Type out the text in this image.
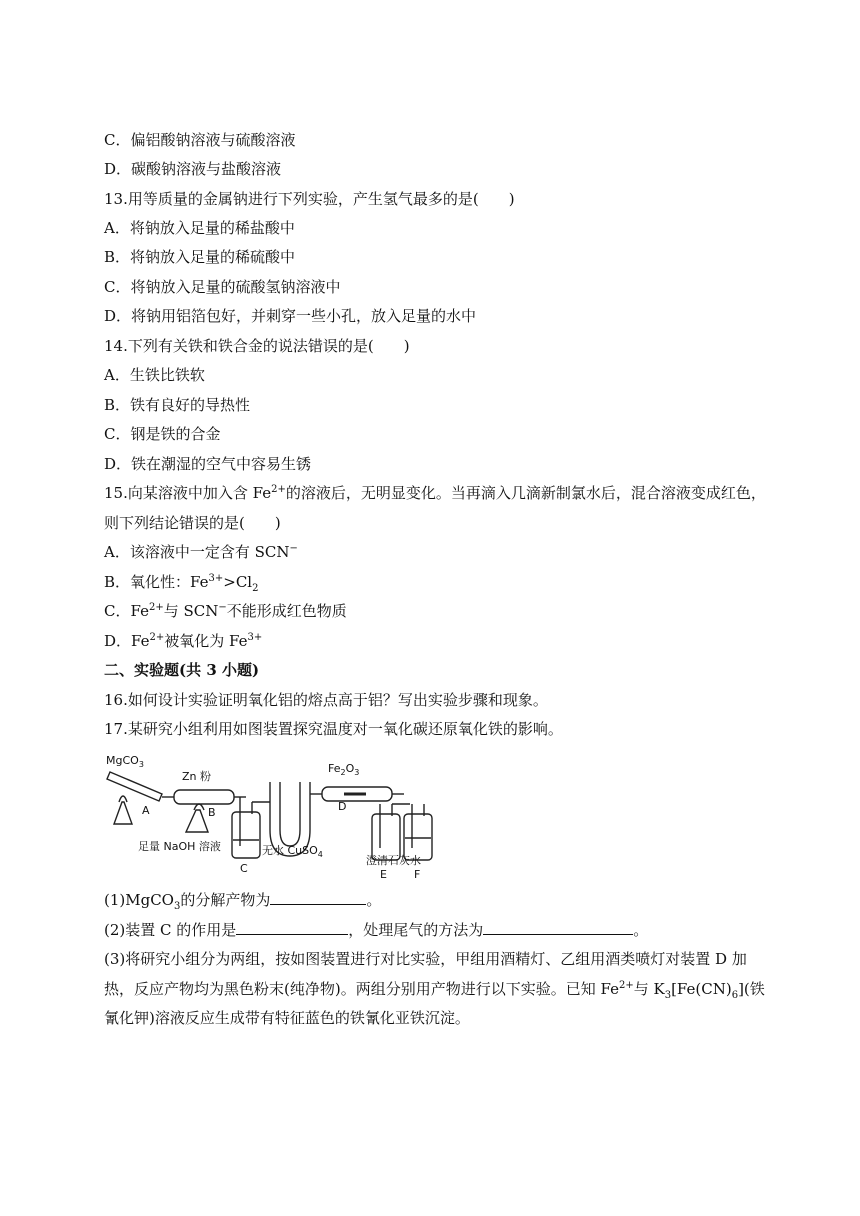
C．偏铝酸钠溶液与硫酸溶液
D．碳酸钠溶液与盐酸溶液
13.用等质量的金属钠进行下列实验，产生氢气最多的是(　　)
A．将钠放入足量的稀盐酸中
B．将钠放入足量的稀硫酸中
C．将钠放入足量的硫酸氢钠溶液中
D．将钠用铝箔包好，并刺穿一些小孔，放入足量的水中
14.下列有关铁和铁合金的说法错误的是(　　)
A．生铁比铁软
B．铁有良好的导热性
C．钢是铁的合金
D．铁在潮湿的空气中容易生锈
15.向某溶液中加入含 $Fe^{2+}$的溶液后，无明显变化。当再滴入几滴新制氯水后，混合溶液变成红色，
则下列结论错误的是(　　)
A．该溶液中一定含有 SCN−
B．氧化性：$Fe^{3+}>Cl_2$
C．$Fe^{2+}$与 SCN−不能形成红色物质
D．$Fe^{2+}$被氧化为 $Fe^{3+}$
二、实验题(共 3 小题)
16.如何设计实验证明氧化铝的熔点高于铝？写出实验步骤和现象。
17.某研究小组利用如图装置探究温度对一氧化碳还原氧化铁的影响。
MgCO$_3$
A
Zn 粉
B
足量 NaOH 溶液
C
无水 CuSO$_4$
$Fe_2O_3$
D
澄清石灰水
E F
(1)MgCO$_3$的分解产物为	。
(2)装置 C 的作用是	，处理尾气的方法为	。
(3)将研究小组分为两组，按如图装置进行对比实验，甲组用酒精灯、乙组用酒类喷灯对装置 D 加
热，反应产物均为黑色粉末(纯净物)。两组分别用产物进行以下实验。已知 $Fe^{2+}$与 $K_3[Fe(CN)_6]$(铁
氰化钾)溶液反应生成带有特征蓝色的铁氰化亚铁沉淀。
